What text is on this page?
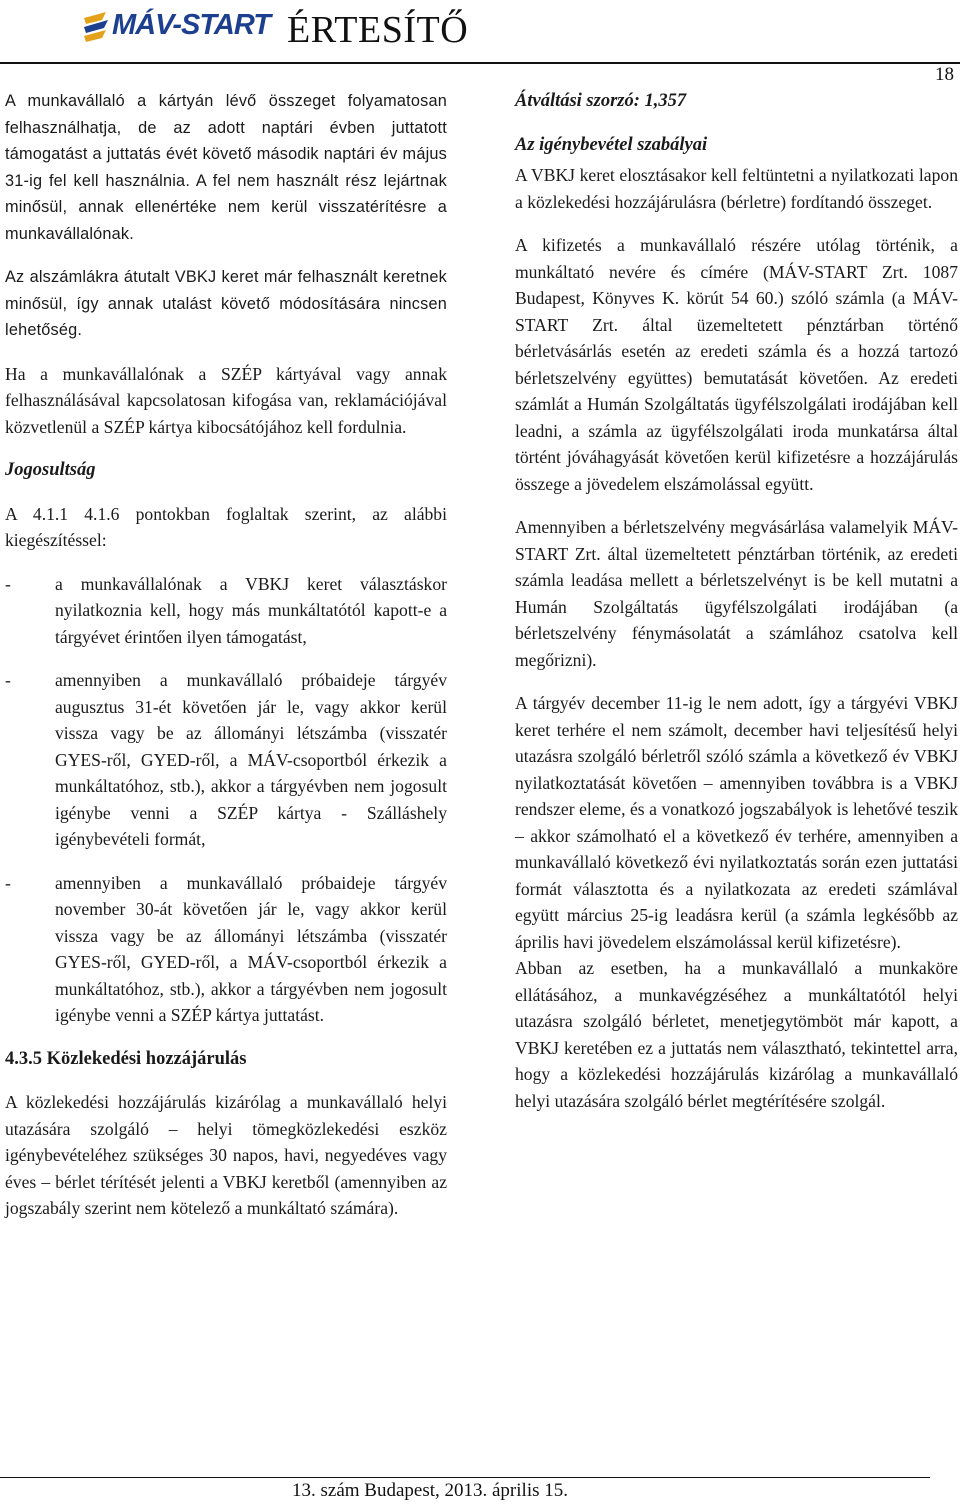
MÁV-START ÉRTESÍTŐ
18

A munkavállaló a kártyán lévő összeget folyamatosan felhasználhatja, de az adott naptári évben juttatott támogatást a juttatás évét követő második naptári év május 31-ig fel kell használnia. A fel nem használt rész lejártnak minősül, annak ellenértéke nem kerül visszatérítésre a munkavállalónak.

Az alszámlákra átutalt VBKJ keret már felhasznált keretnek minősül, így annak utalást követő módosítására nincsen lehetőség.

Ha a munkavállalónak a SZÉP kártyával vagy annak felhasználásával kapcsolatosan kifogása van, reklamációjával közvetlenül a SZÉP kártya kibocsátójához kell fordulnia.

Jogosultság

A 4.1.1 4.1.6 pontokban foglaltak szerint, az alábbi kiegészítéssel:

-	a munkavállalónak a VBKJ keret választáskor nyilatkoznia kell, hogy más munkáltatótól kapott-e a tárgyévet érintően ilyen támogatást,
-	amennyiben a munkavállaló próbaideje tárgyév augusztus 31-ét követően jár le, vagy akkor kerül vissza vagy be az állományi létszámba (visszatér GYES-ről, GYED-ről, a MÁV-csoportból érkezik a munkáltatóhoz, stb.), akkor a tárgyévben nem jogosult igénybe venni a SZÉP kártya - Szálláshely igénybevételi formát,
-	amennyiben a munkavállaló próbaideje tárgyév november 30-át követően jár le, vagy akkor kerül vissza vagy be az állományi létszámba (visszatér GYES-ről, GYED-ről, a MÁV-csoportból érkezik a munkáltatóhoz, stb.), akkor a tárgyévben nem jogosult igénybe venni a SZÉP kártya juttatást.

4.3.5 Közlekedési hozzájárulás

A közlekedési hozzájárulás kizárólag a munkavállaló helyi utazására szolgáló – helyi tömegközlekedési eszköz igénybevételéhez szükséges 30 napos, havi, negyedéves vagy éves – bérlet térítését jelenti a VBKJ keretből (amennyiben az jogszabály szerint nem kötelező a munkáltató számára).

Átváltási szorzó: 1,357

Az igénybevétel szabályai

A VBKJ keret elosztásakor kell feltüntetni a nyilatkozati lapon a közlekedési hozzájárulásra (bérletre) fordítandó összeget.

A kifizetés a munkavállaló részére utólag történik, a munkáltató nevére és címére (MÁV-START Zrt. 1087 Budapest, Könyves K. körút 54 60.) szóló számla (a MÁV-START Zrt. által üzemeltetett pénztárban történő bérletvásárlás esetén az eredeti számla és a hozzá tartozó bérletszelvény együttes) bemutatását követően. Az eredeti számlát a Humán Szolgáltatás ügyfélszolgálati irodájában kell leadni, a számla az ügyfélszolgálati iroda munkatársa által történt jóváhagyását követően kerül kifizetésre a hozzájárulás összege a jövedelem elszámolással együtt.

Amennyiben a bérletszelvény megvásárlása valamelyik MÁV-START Zrt. által üzemeltetett pénztárban történik, az eredeti számla leadása mellett a bérletszelvényt is be kell mutatni a Humán Szolgáltatás ügyfélszolgálati irodájában (a bérletszelvény fénymásolatát a számlához csatolva kell megőrizni).

A tárgyév december 11-ig le nem adott, így a tárgyévi VBKJ keret terhére el nem számolt, december havi teljesítésű helyi utazásra szolgáló bérletről szóló számla a következő év VBKJ nyilatkoztatását követően – amennyiben továbbra is a VBKJ rendszer eleme, és a vonatkozó jogszabályok is lehetővé teszik – akkor számolható el a következő év terhére, amennyiben a munkavállaló következő évi nyilatkoztatás során ezen juttatási formát választotta és a nyilatkozata az eredeti számlával együtt március 25-ig leadásra kerül (a számla legkésőbb az április havi jövedelem elszámolással kerül kifizetésre).

Abban az esetben, ha a munkavállaló a munkaköre ellátásához, a munkavégzéséhez a munkáltatótól helyi utazásra szolgáló bérletet, menetjegytömböt már kapott, a VBKJ keretében ez a juttatás nem választható, tekintettel arra, hogy a közlekedési hozzájárulás kizárólag a munkavállaló helyi utazására szolgáló bérlet megtérítésére szolgál.

13. szám Budapest, 2013. április 15.
